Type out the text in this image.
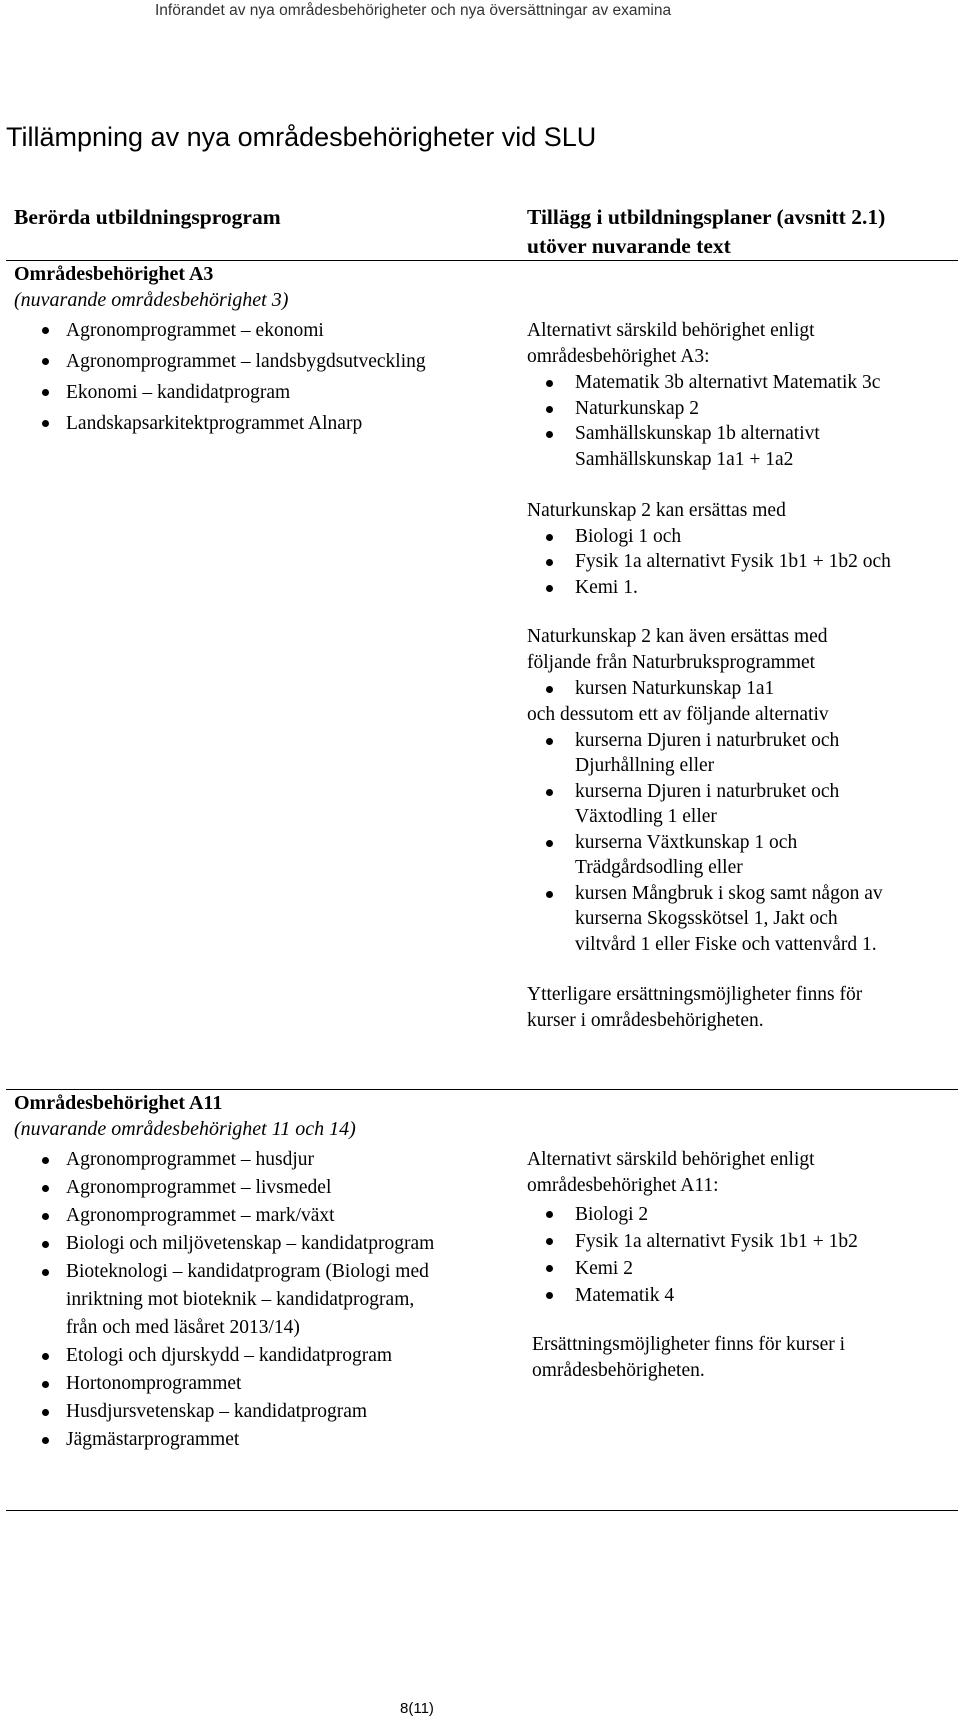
Införandet av nya områdesbehörigheter och nya översättningar av examina
Tillämpning av nya områdesbehörigheter vid SLU
Berörda utbildningsprogram	Tillägg i utbildningsplaner (avsnitt 2.1)
utöver nuvarande text
Områdesbehörighet A3
(nuvarande områdesbehörighet 3)
Agronomprogrammet – ekonomi
Agronomprogrammet – landsbygdsutveckling
Ekonomi – kandidatprogram
Landskapsarkitektprogrammet Alnarp
Alternativt särskild behörighet enligt
områdesbehörighet A3:
Matematik 3b alternativt Matematik 3c
Naturkunskap 2
Samhällskunskap 1b alternativt
Samhällskunskap 1a1 + 1a2
Naturkunskap 2 kan ersättas med
Biologi 1 och
Fysik 1a alternativt Fysik 1b1 + 1b2 och
Kemi 1.
Naturkunskap 2 kan även ersättas med
följande från Naturbruksprogrammet
kursen Naturkunskap 1a1
och dessutom ett av följande alternativ
kurserna Djuren i naturbruket och
Djurhållning eller
kurserna Djuren i naturbruket och
Växtodling 1 eller
kurserna Växtkunskap 1 och
Trädgårdsodling eller
kursen Mångbruk i skog samt någon av
kurserna Skogsskötsel 1, Jakt och
viltvård 1 eller Fiske och vattenvård 1.
Ytterligare ersättningsmöjligheter finns för
kurser i områdesbehörigheten.
Områdesbehörighet A11
(nuvarande områdesbehörighet 11 och 14)
Agronomprogrammet – husdjur
Agronomprogrammet – livsmedel
Agronomprogrammet – mark/växt
Biologi och miljövetenskap – kandidatprogram
Bioteknologi – kandidatprogram (Biologi med
inriktning mot bioteknik – kandidatprogram,
från och med läsåret 2013/14)
Etologi och djurskydd – kandidatprogram
Hortonomprogrammet
Husdjursvetenskap – kandidatprogram
Jägmästarprogrammet
Alternativt särskild behörighet enligt
områdesbehörighet A11:
Biologi 2
Fysik 1a alternativt Fysik 1b1 + 1b2
Kemi 2
Matematik 4
Ersättningsmöjligheter finns för kurser i
områdesbehörigheten.
8(11)
